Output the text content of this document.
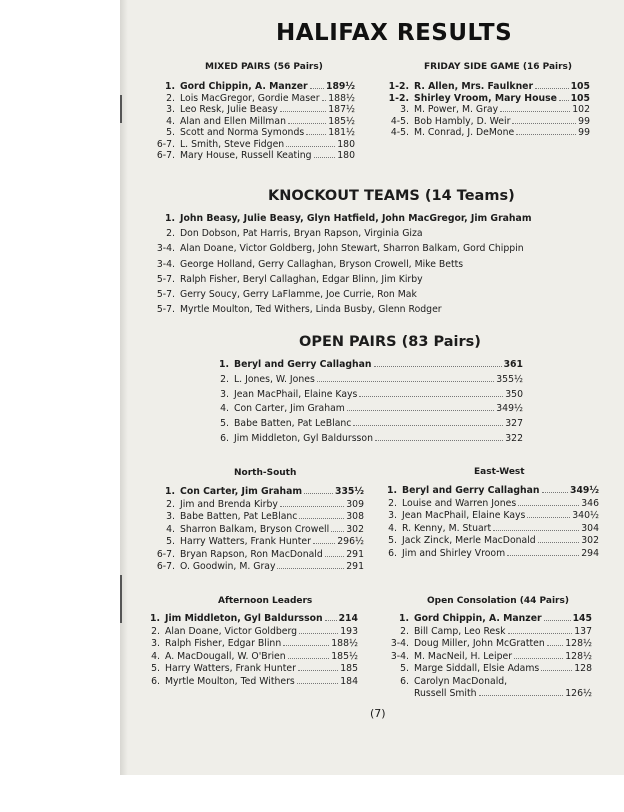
HALIFAX RESULTS
MIXED PAIRS (56 Pairs)
1. Gord Chippin, A. Manzer 189½
2. Lois MacGregor, Gordie Maser 188½
3. Leo Resk, Julie Beasy	187½
4. Alan and Ellen Millman	185½
5. Scott and Norma Symonds	181½
6-7. L. Smith, Steve Fidgen	180
6-7. Mary House, Russell Keating	180
FRIDAY SIDE GAME (16 Pairs)
1-2. R. Allen, Mrs. Faulkner	105
1-2. Shirley Vroom, Mary House 105
3. M. Power, M. Gray	102
4-5. Bob Hambly, D. Weir	99
4-5. M. Conrad, J. DeMone	99
KNOCKOUT TEAMS (14 Teams)
1. John Beasy, Julie Beasy, Glyn Hatfield, John MacGregor, Jim Graham
2. Don Dobson, Pat Harris, Bryan Rapson, Virginia Giza
3-4. Alan Doane, Victor Goldberg, John Stewart, Sharron Balkam, Gord Chippin
3-4. George Holland, Gerry Callaghan, Bryson Crowell, Mike Betts
5-7. Ralph Fisher, Beryl Callaghan, Edgar Blinn, Jim Kirby
5-7. Gerry Soucy, Gerry LaFlamme, Joe Currie, Ron Mak
5-7. Myrtle Moulton, Ted Withers, Linda Busby, Glenn Rodger
OPEN PAIRS (83 Pairs)
1. Beryl and Gerry Callaghan	361
2. L. Jones, W. Jones	355½
3. Jean MacPhail, Elaine Kays	350
4. Con Carter, Jim Graham	349½
5. Babe Batten, Pat LeBlanc	327
6. Jim Middleton, Gyl Baldursson	322
North-South
1. Con Carter, Jim Graham	335½
2. Jim and Brenda Kirby	309
3. Babe Batten, Pat LeBlanc	308
4. Sharron Balkam, Bryson Crowell 302
5. Harry Watters, Frank Hunter	296½
6-7. Bryan Rapson, Ron MacDonald	291
6-7. O. Goodwin, M. Gray	291
East-West
1. Beryl and Gerry Callaghan	349½
2. Louise and Warren Jones	346
3. Jean MacPhail, Elaine Kays	340½
4. R. Kenny, M. Stuart	304
5. Jack Zinck, Merle MacDonald	302
6. Jim and Shirley Vroom	294
Afternoon Leaders
1. Jim Middleton, Gyl Baldursson 214
2. Alan Doane, Victor Goldberg	193
3. Ralph Fisher, Edgar Blinn	188½
4. A. MacDougall, W. O'Brien	185½
5. Harry Watters, Frank Hunter	185
6. Myrtle Moulton, Ted Withers	184
Open Consolation (44 Pairs)
1. Gord Chippin, A. Manzer	145
2. Bill Camp, Leo Resk	137
3-4. Doug Miller, John McGratten 128½
3-4. M. MacNeil, H. Leiper	128½
5. Marge Siddall, Elsie Adams	128
6. Carolyn MacDonald,
Russell Smith	126½
(7)
